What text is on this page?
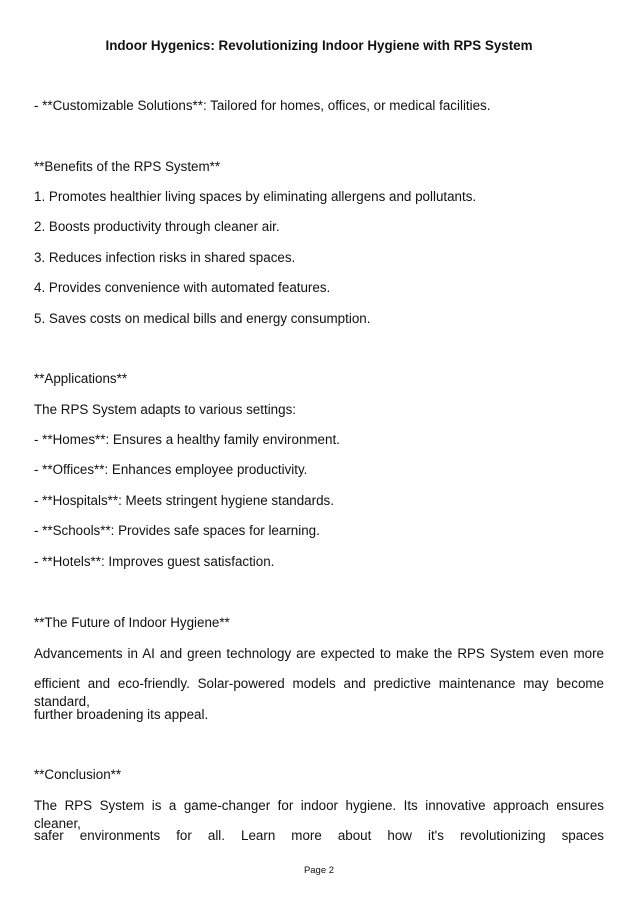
Indoor Hygenics: Revolutionizing Indoor Hygiene with RPS System
- **Customizable Solutions**: Tailored for homes, offices, or medical facilities.
**Benefits of the RPS System**
1. Promotes healthier living spaces by eliminating allergens and pollutants.
2. Boosts productivity through cleaner air.
3. Reduces infection risks in shared spaces.
4. Provides convenience with automated features.
5. Saves costs on medical bills and energy consumption.
**Applications**
The RPS System adapts to various settings:
- **Homes**: Ensures a healthy family environment.
- **Offices**: Enhances employee productivity.
- **Hospitals**: Meets stringent hygiene standards.
- **Schools**: Provides safe spaces for learning.
- **Hotels**: Improves guest satisfaction.
**The Future of Indoor Hygiene**
Advancements in AI and green technology are expected to make the RPS System even more
efficient and eco-friendly. Solar-powered models and predictive maintenance may become standard,
further broadening its appeal.
**Conclusion**
The RPS System is a game-changer for indoor hygiene. Its innovative approach ensures cleaner,
safer environments for all. Learn more about how it's revolutionizing spaces
Page 2
